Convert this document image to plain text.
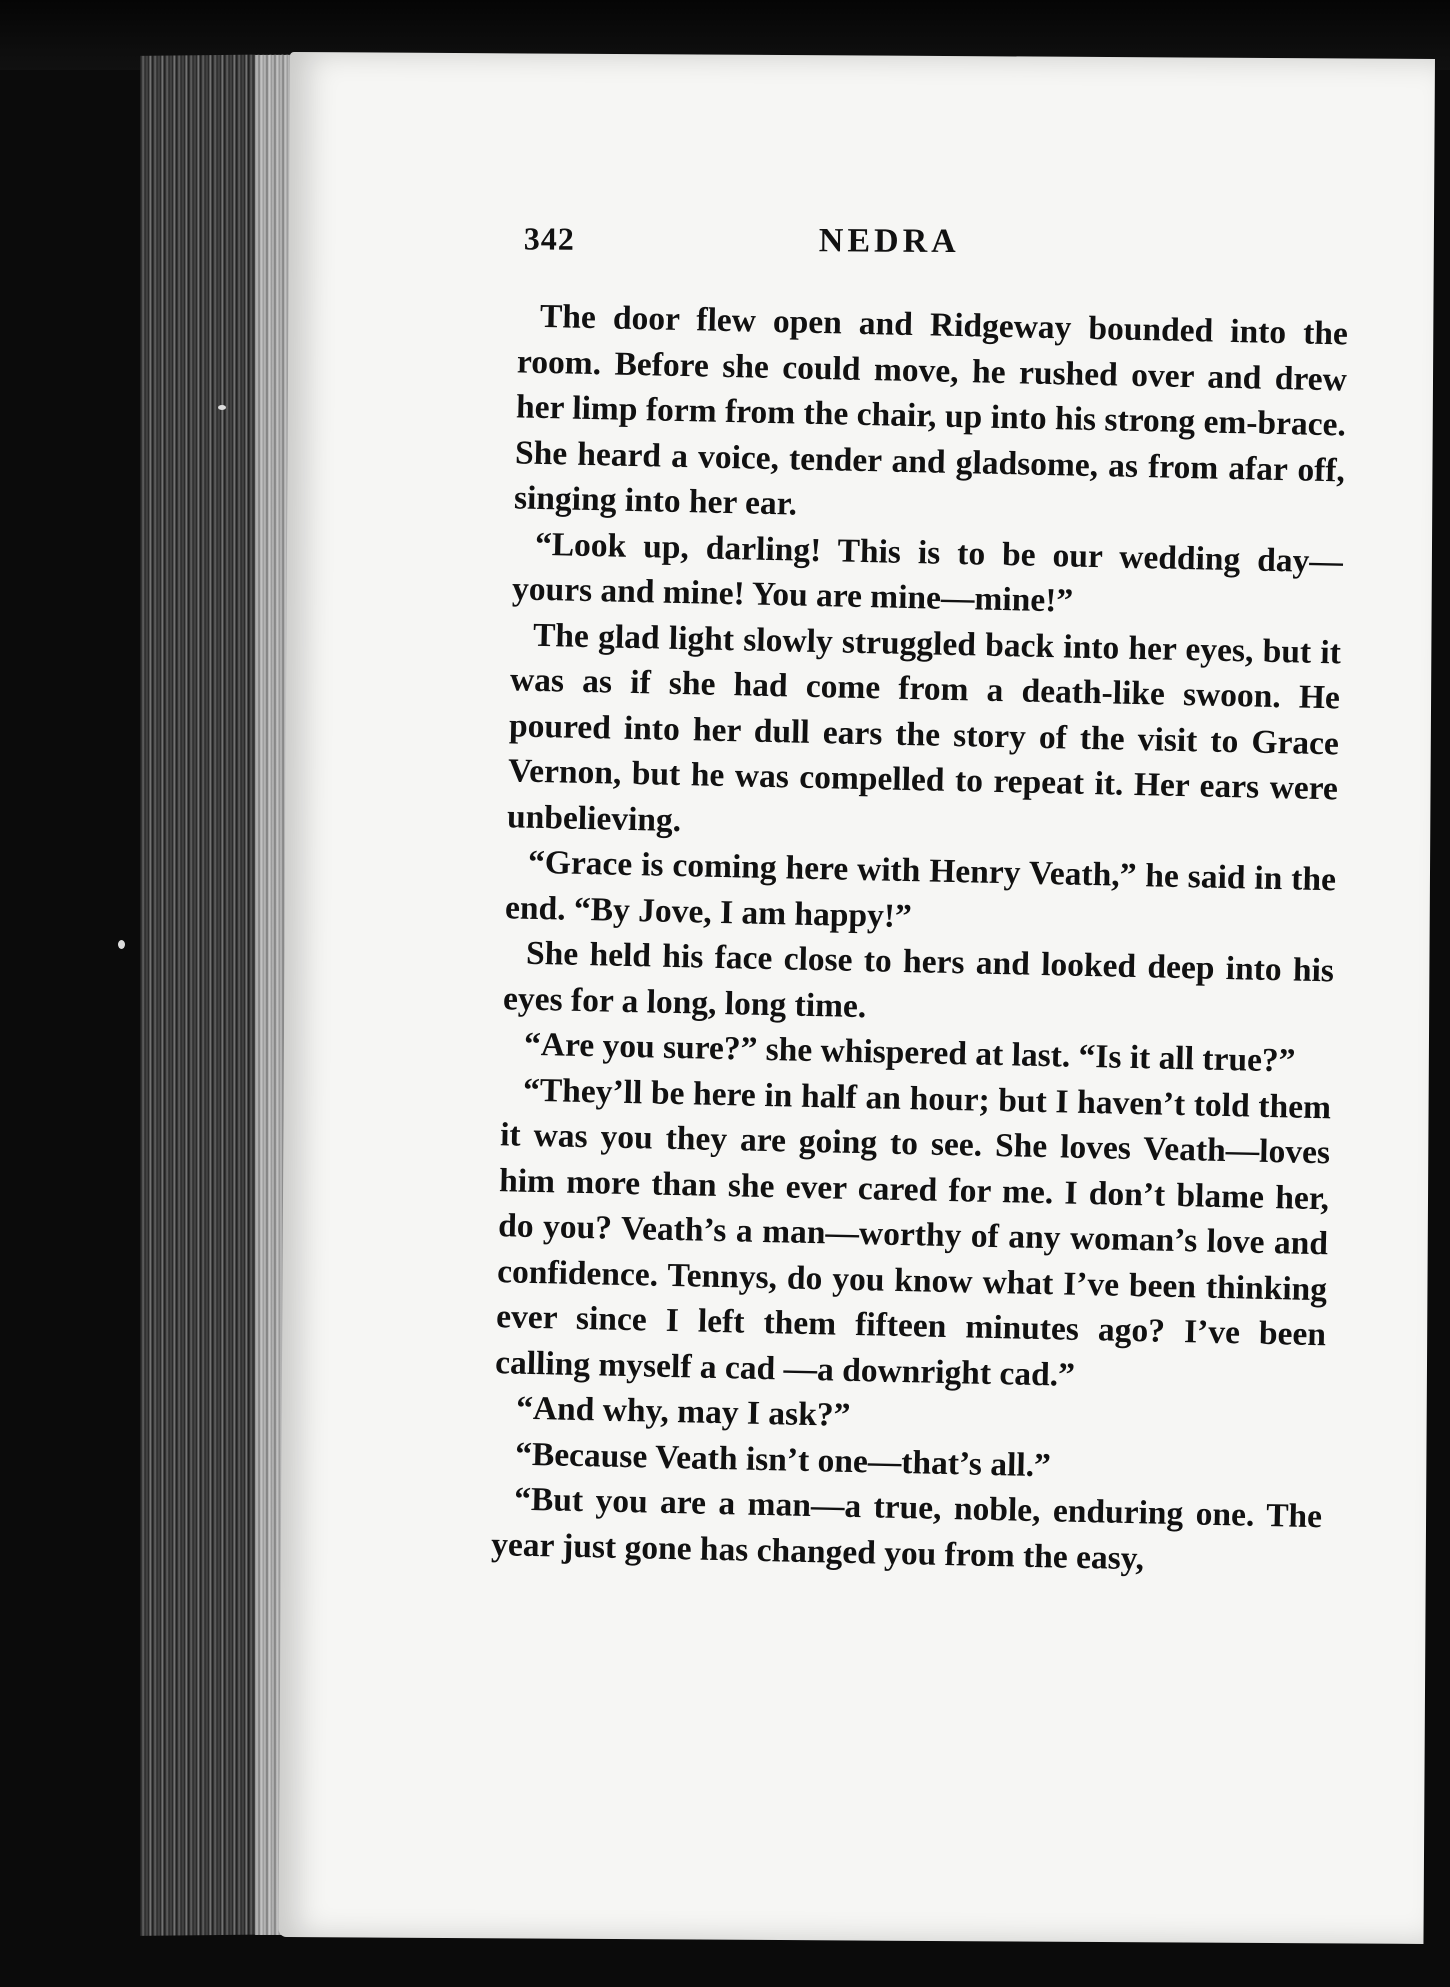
342	NEDRA

The door flew open and Ridgeway bounded into the room. Before she could move, he rushed over and drew her limp form from the chair, up into his strong em-brace. She heard a voice, tender and gladsome, as from afar off, singing into her ear.

“Look up, darling! This is to be our wedding day—yours and mine! You are mine—mine!”

The glad light slowly struggled back into her eyes, but it was as if she had come from a death-like swoon. He poured into her dull ears the story of the visit to Grace Vernon, but he was compelled to repeat it. Her ears were unbelieving.

“Grace is coming here with Henry Veath,” he said in the end. “By Jove, I am happy!”

She held his face close to hers and looked deep into his eyes for a long, long time.

“Are you sure?” she whispered at last. “Is it all true?”

“They’ll be here in half an hour; but I haven’t told them it was you they are going to see. She loves Veath—loves him more than she ever cared for me. I don’t blame her, do you? Veath’s a man—worthy of any woman’s love and confidence. Tennys, do you know what I’ve been thinking ever since I left them fifteen minutes ago? I’ve been calling myself a cad —a downright cad.”

“And why, may I ask?”

“Because Veath isn’t one—that’s all.”

“But you are a man—a true, noble, enduring one. The year just gone has changed you from the easy,
